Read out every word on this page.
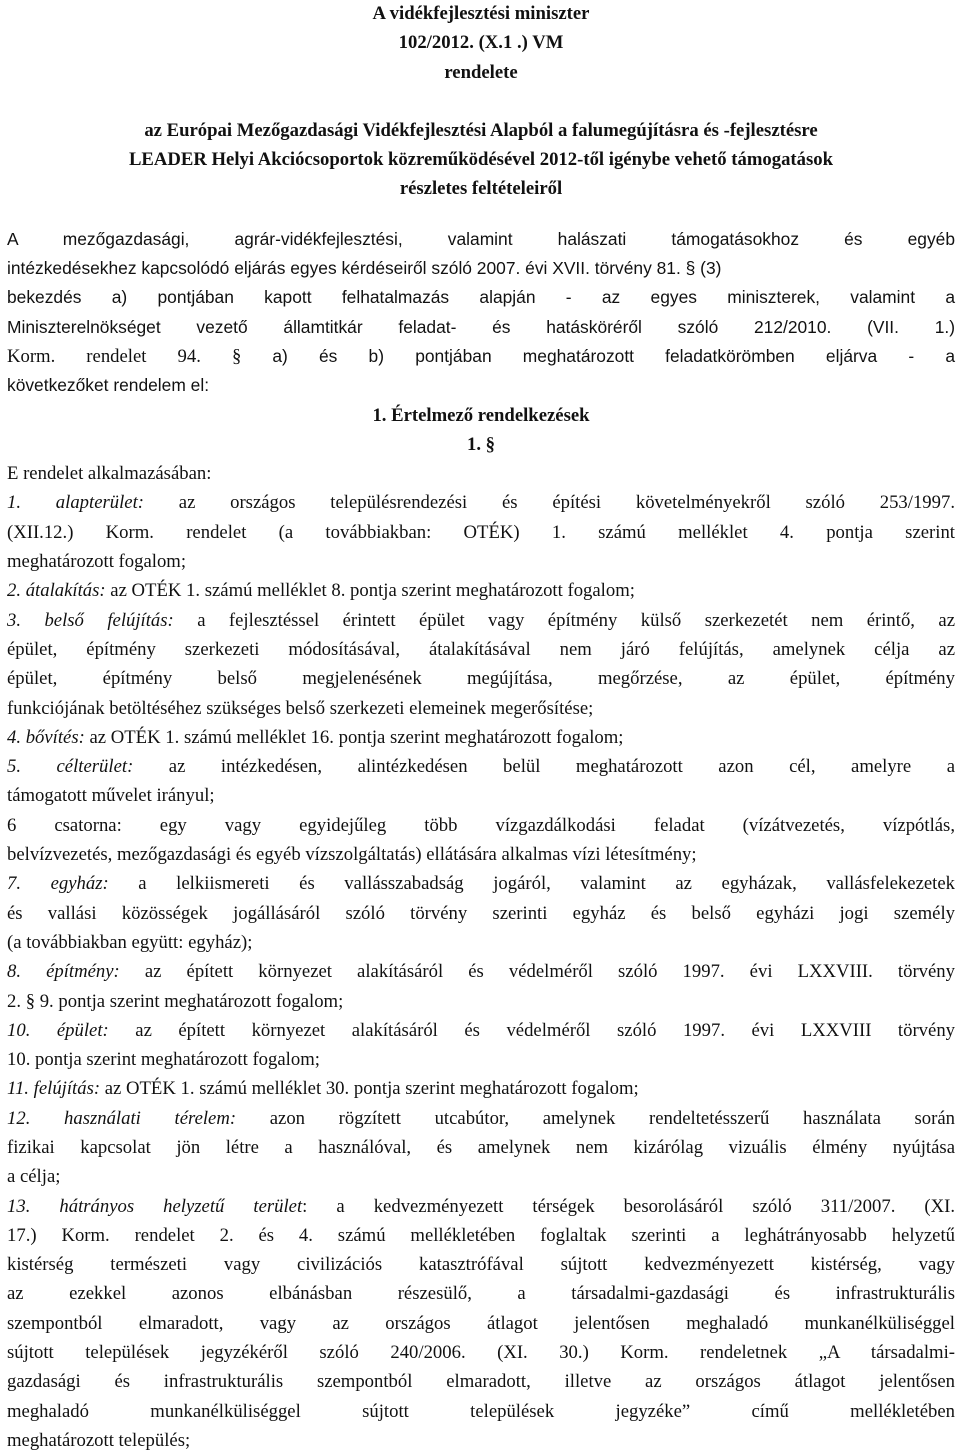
A vidékfejlesztési miniszter

102/2012. (X.1 .) VM

rendelete

az Európai Mezőgazdasági Vidékfejlesztési Alapból a falumegújításra és -fejlesztésre

LEADER Helyi Akciócsoportok közreműködésével 2012-től igénybe vehető támogatások

részletes feltételeiről

A mezőgazdasági, agrár-vidékfejlesztési, valamint halászati támogatásokhoz és egyéb

intézkedésekhez kapcsolódó eljárás egyes kérdéseiről szóló 2007. évi XVII. törvény 81. § (3)

bekezdés a) pontjában kapott felhatalmazás alapján - az egyes miniszterek, valamint a

Miniszterelnökséget vezető államtitkár feladat- és hatásköréről szóló 212/2010. (VII. 1.)

Korm. rendelet 94. § a) és b) pontjában meghatározott feladatkörömben eljárva - a

következőket rendelem el:

1. Értelmező rendelkezések

1. §

E rendelet alkalmazásában:

1. alapterület: az országos településrendezési és építési követelményekről szóló 253/1997.

(XII.12.) Korm. rendelet (a továbbiakban: OTÉK) 1. számú melléklet 4. pontja szerint

meghatározott fogalom;

2. átalakítás: az OTÉK 1. számú melléklet 8. pontja szerint meghatározott fogalom;

3. belső felújítás: a fejlesztéssel érintett épület vagy építmény külső szerkezetét nem érintő, az

épület, építmény szerkezeti módosításával, átalakításával nem járó felújítás, amelynek célja az

épület, építmény belső megjelenésének megújítása, megőrzése, az épület, építmény

funkciójának betöltéséhez szükséges belső szerkezeti elemeinek megerősítése;

4. bővítés: az OTÉK 1. számú melléklet 16. pontja szerint meghatározott fogalom;

5. célterület: az intézkedésen, alintézkedésen belül meghatározott azon cél, amelyre a

támogatott művelet irányul;

6 csatorna: egy vagy egyidejűleg több vízgazdálkodási feladat (vízátvezetés, vízpótlás,

belvízvezetés, mezőgazdasági és egyéb vízszolgáltatás) ellátására alkalmas vízi létesítmény;

7. egyház: a lelkiismereti és vallásszabadság jogáról, valamint az egyházak, vallásfelekezetek

és vallási közösségek jogállásáról szóló törvény szerinti egyház és belső egyházi jogi személy

(a továbbiakban együtt: egyház);

8. építmény: az épített környezet alakításáról és védelméről szóló 1997. évi LXXVIII. törvény

2. § 9. pontja szerint meghatározott fogalom;

10. épület: az épített környezet alakításáról és védelméről szóló 1997. évi LXXVIII törvény

10. pontja szerint meghatározott fogalom;

11. felújítás: az OTÉK 1. számú melléklet 30. pontja szerint meghatározott fogalom;

12. használati térelem: azon rögzített utcabútor, amelynek rendeltetésszerű használata során

fizikai kapcsolat jön létre a használóval, és amelynek nem kizárólag vizuális élmény nyújtása

a célja;

13. hátrányos helyzetű terület: a kedvezményezett térségek besorolásáról szóló 311/2007. (XI.

17.) Korm. rendelet 2. és 4. számú mellékletében foglaltak szerinti a leghátrányosabb helyzetű

kistérség természeti vagy civilizációs katasztrófával sújtott kedvezményezett kistérség, vagy

az ezekkel azonos elbánásban részesülő, a társadalmi-gazdasági és infrastrukturális

szempontból elmaradott, vagy az országos átlagot jelentősen meghaladó munkanélküliséggel

sújtott települések jegyzékéről szóló 240/2006. (XI. 30.) Korm. rendeletnek „A társadalmi-

gazdasági és infrastrukturális szempontból elmaradott, illetve az országos átlagot jelentősen

meghaladó munkanélküliséggel sújtott települések jegyzéke” című mellékletében

meghatározott település;
